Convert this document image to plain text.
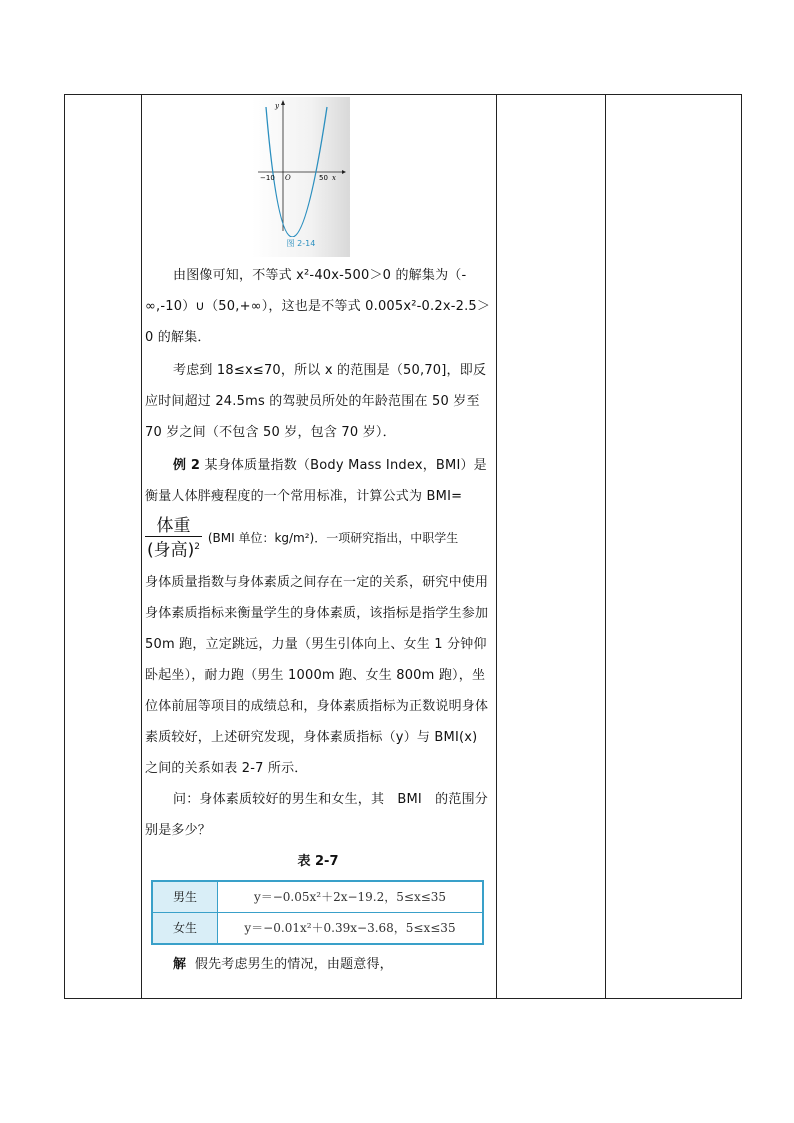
y
x
O
−10	50
图 2-14

由图像可知，不等式 x²-40x-500＞0 的解集为（-∞,-10）∪（50,+∞），这也是不等式 0.005x²-0.2x-2.5＞0 的解集．

考虑到 18≤x≤70，所以 x 的范围是（50,70]，即反应时间超过 24.5ms 的驾驶员所处的年龄范围在 50 岁至 70 岁之间（不包含 50 岁，包含 70 岁）．

例 2 某身体质量指数（Body Mass Index，BMI）是衡量人体胖瘦程度的一个常用标准，计算公式为 BMI=

$\frac{\text{体重}}{(身高)^2} (BMI$ 单位：kg/m²)．一项研究指出，中职学生

身体质量指数与身体素质之间存在一定的关系，研究中使用身体素质指标来衡量学生的身体素质，该指标是指学生参加 50m 跑，立定跳远，力量（男生引体向上、女生 1 分钟仰卧起坐），耐力跑（男生 1000m 跑、女生 800m 跑），坐位体前屈等项目的成绩总和，身体素质指标为正数说明身体素质较好，上述研究发现，身体素质指标（y）与 BMI(x) 之间的关系如表 2-7 所示．

问：身体素质较好的男生和女生，其　BMI　的范围分别是多少？

表 2-7
男生	y＝−0.05x²＋2x−19.2，5≤x≤35
女生	y＝−0.01x²＋0.39x−3.68，5≤x≤35

解 假先考虑男生的情况，由题意得，
